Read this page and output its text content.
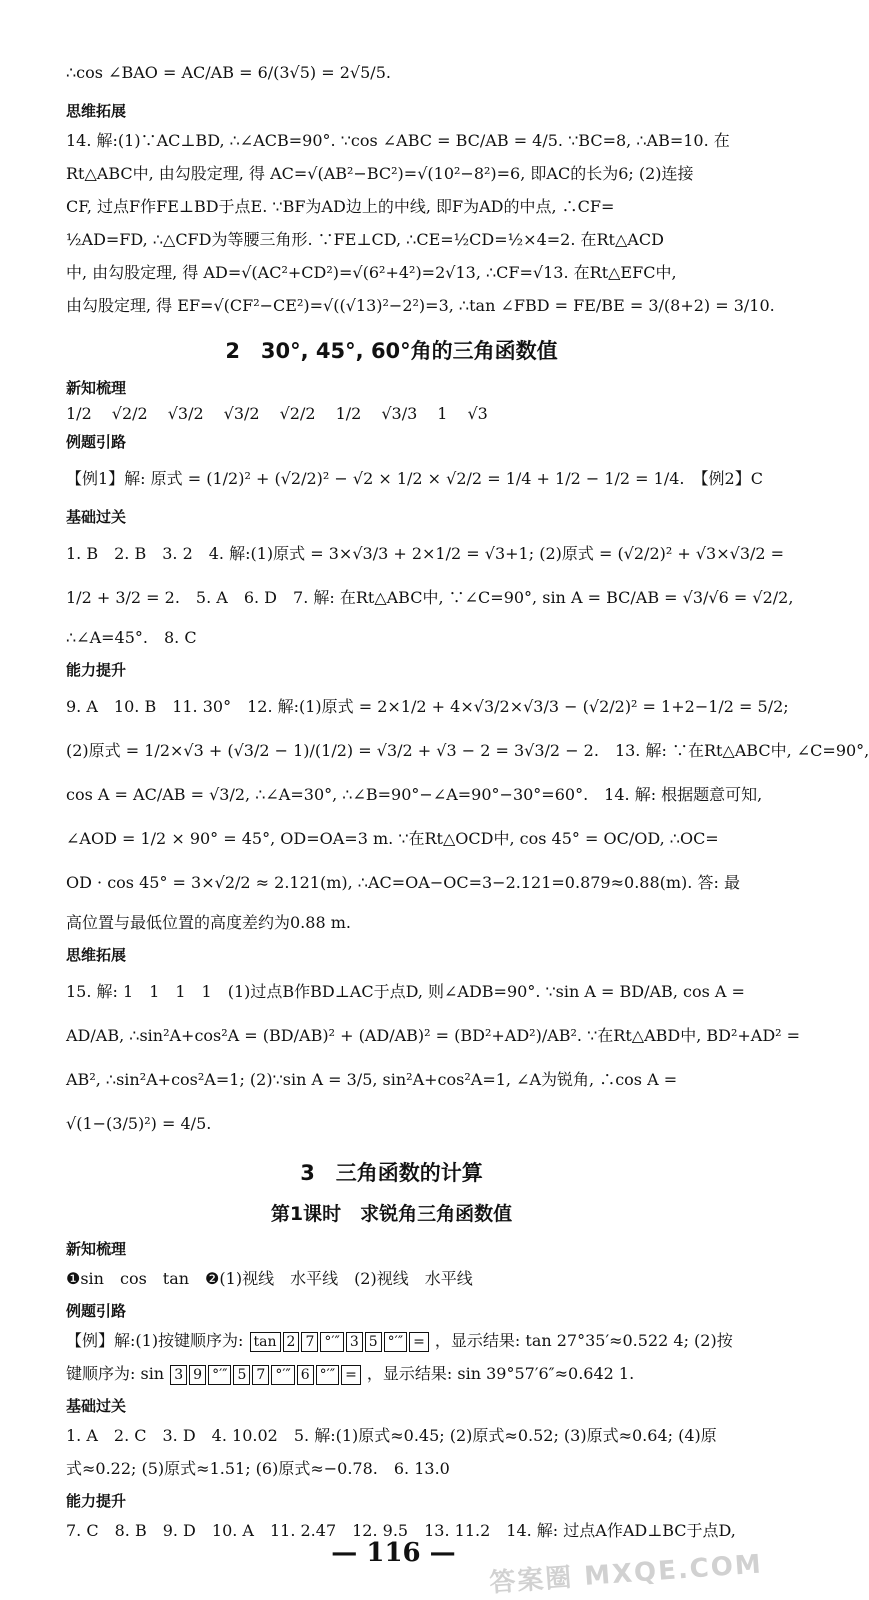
∴cos ∠BAO = AC/AB = 6/(3√5) = 2√5/5.
思维拓展
14. 解:(1)∵AC⊥BD, ∴∠ACB=90°. ∵cos ∠ABC = BC/AB = 4/5. ∵BC=8, ∴AB=10. 在
Rt△ABC中, 由勾股定理, 得 AC=√(AB²−BC²)=√(10²−8²)=6, 即AC的长为6; (2)连接
CF, 过点F作FE⊥BD于点E. ∵BF为AD边上的中线, 即F为AD的中点, ∴CF=
½AD=FD, ∴△CFD为等腰三角形. ∵FE⊥CD, ∴CE=½CD=½×4=2. 在Rt△ACD
中, 由勾股定理, 得 AD=√(AC²+CD²)=√(6²+4²)=2√13, ∴CF=√13. 在Rt△EFC中,
由勾股定理, 得 EF=√(CF²−CE²)=√((√13)²−2²)=3, ∴tan ∠FBD = FE/BE = 3/(8+2) = 3/10.
2　30°, 45°, 60°角的三角函数值
新知梳理
1/2 √2/2 √3/2 √3/2 √2/2 1/2 √3/3 1 √3
例题引路
【例1】解: 原式 = (1/2)² + (√2/2)² − √2 × 1/2 × √2/2 = 1/4 + 1/2 − 1/2 = 1/4.　【例2】C
基础过关
1. B　2. B　3. 2　4. 解:(1)原式 = 3×√3/3 + 2×1/2 = √3+1; (2)原式 = (√2/2)² + √3×√3/2 =
1/2 + 3/2 = 2.　5. A　6. D　7. 解: 在Rt△ABC中, ∵∠C=90°, sin A = BC/AB = √3/√6 = √2/2,
∴∠A=45°.　8. C
能力提升
9. A　10. B　11. 30°　12. 解:(1)原式 = 2×1/2 + 4×√3/2×√3/3 − (√2/2)² = 1+2−1/2 = 5/2;
(2)原式 = 1/2×√3 + (√3/2 − 1)/(1/2) = √3/2 + √3 − 2 = 3√3/2 − 2.　13. 解: ∵在Rt△ABC中, ∠C=90°,
cos A = AC/AB = √3/2, ∴∠A=30°, ∴∠B=90°−∠A=90°−30°=60°.　14. 解: 根据题意可知,
∠AOD = 1/2 × 90° = 45°, OD=OA=3 m. ∵在Rt△OCD中, cos 45° = OC/OD, ∴OC=
OD · cos 45° = 3×√2/2 ≈ 2.121(m), ∴AC=OA−OC=3−2.121=0.879≈0.88(m). 答: 最
高位置与最低位置的高度差约为0.88 m.
思维拓展
15. 解: 1　1　1　1　(1)过点B作BD⊥AC于点D, 则∠ADB=90°. ∵sin A = BD/AB, cos A =
AD/AB, ∴sin²A+cos²A = (BD/AB)² + (AD/AB)² = (BD²+AD²)/AB². ∵在Rt△ABD中, BD²+AD² =
AB², ∴sin²A+cos²A=1; (2)∵sin A = 3/5, sin²A+cos²A=1, ∠A为锐角, ∴cos A =
√(1−(3/5)²) = 4/5.
3　三角函数的计算
第1课时　求锐角三角函数值
新知梳理
❶sin　cos　tan　❷(1)视线　水平线　(2)视线　水平线
例题引路
【例】解:(1)按键顺序为: tan 2 7 °′″ 3 5 °′″ = ，显示结果: tan 27°35′≈0.522 4; (2)按
键顺序为: sin 3 9 °′″ 5 7 °′″ 6 °′″ = ，显示结果: sin 39°57′6″≈0.642 1.
基础过关
1. A　2. C　3. D　4. 10.02　5. 解:(1)原式≈0.45; (2)原式≈0.52; (3)原式≈0.64; (4)原
式≈0.22; (5)原式≈1.51; (6)原式≈−0.78.　6. 13.0
能力提升
7. C　8. B　9. D　10. A　11. 2.47　12. 9.5　13. 11.2　14. 解: 过点A作AD⊥BC于点D,
— 116 —	答案圈 MXQE.COM
